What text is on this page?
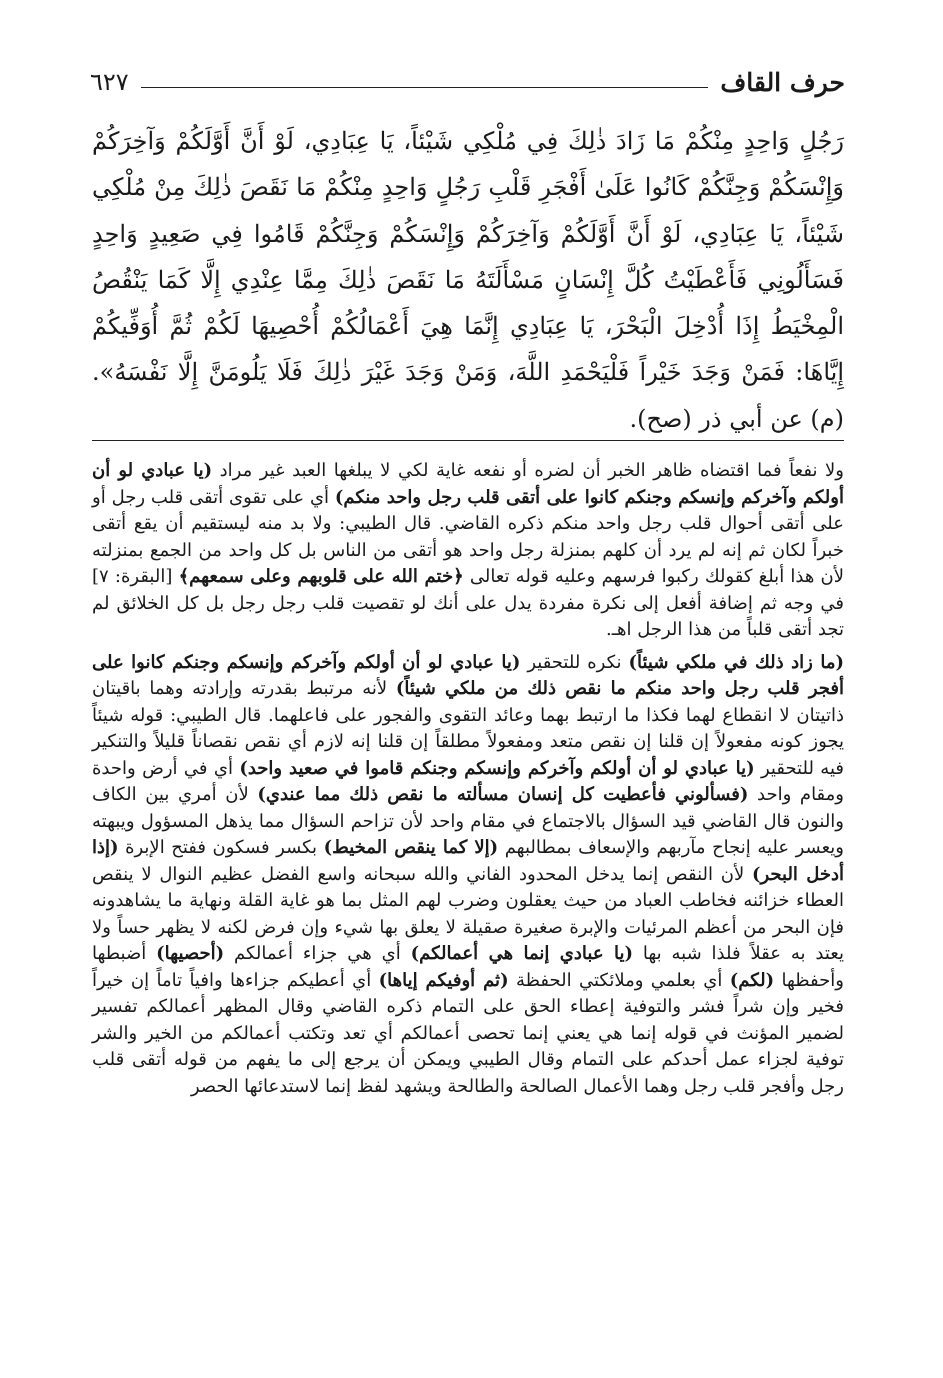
حرف القاف
٦٢٧

رَجُلٍ وَاحِدٍ مِنْكُمْ مَا زَادَ ذٰلِكَ فِي مُلْكِي شَيْئاً، يَا عِبَادِي، لَوْ أَنَّ أَوَّلَكُمْ وَآخِرَكُمْ وَإِنْسَكُمْ وَجِنَّكُمْ كَانُوا عَلَىٰ أَفْجَرِ قَلْبِ رَجُلٍ وَاحِدٍ مِنْكُمْ مَا نَقَصَ ذٰلِكَ مِنْ مُلْكِي شَيْئاً، يَا عِبَادِي، لَوْ أَنَّ أَوَّلَكُمْ وَآخِرَكُمْ وَإِنْسَكُمْ وَجِنَّكُمْ قَامُوا فِي صَعِيدٍ وَاحِدٍ فَسَأَلُونِي فَأَعْطَيْتُ كُلَّ إِنْسَانٍ مَسْأَلَتَهُ مَا نَقَصَ ذٰلِكَ مِمَّا عِنْدِي إِلَّا كَمَا يَنْقُصُ الْمِخْيَطُ إِذَا أُدْخِلَ الْبَحْرَ، يَا عِبَادِي إِنَّمَا هِيَ أَعْمَالُكُمْ أُحْصِيهَا لَكُمْ ثُمَّ أُوَفِّيكُمْ إِيَّاهَا: فَمَنْ وَجَدَ خَيْراً فَلْيَحْمَدِ اللَّهَ، وَمَنْ وَجَدَ غَيْرَ ذٰلِكَ فَلَا يَلُومَنَّ إِلَّا نَفْسَهُ». (م) عن أبي ذر (صح).

ولا نفعاً فما اقتضاه ظاهر الخبر أن لضره أو نفعه غاية لكي لا يبلغها العبد غير مراد (يا عبادي لو أن أولكم وآخركم وإنسكم وجنكم كانوا على أتقى قلب رجل واحد منكم) أي على تقوى أتقى قلب رجل أو على أتقى أحوال قلب رجل واحد منكم ذكره القاضي. قال الطيبي: ولا بد منه ليستقيم أن يقع أتقى خبراً لكان ثم إنه لم يرد أن كلهم بمنزلة رجل واحد هو أتقى من الناس بل كل واحد من الجمع بمنزلته لأن هذا أبلغ كقولك ركبوا فرسهم وعليه قوله تعالى ﴿ختم الله على قلوبهم وعلى سمعهم﴾ [البقرة: ٧] في وجه ثم إضافة أفعل إلى نكرة مفردة يدل على أنك لو تقصيت قلب رجل رجل بل كل الخلائق لم تجد أتقى قلباً من هذا الرجل اهـ.

(ما زاد ذلك في ملكي شيئاً) نكره للتحقير (يا عبادي لو أن أولكم وآخركم وإنسكم وجنكم كانوا على أفجر قلب رجل واحد منكم ما نقص ذلك من ملكي شيئاً) لأنه مرتبط بقدرته وإرادته وهما باقيتان ذاتيتان لا انقطاع لهما فكذا ما ارتبط بهما وعائد التقوى والفجور على فاعلهما. قال الطيبي: قوله شيئاً يجوز كونه مفعولاً إن قلنا إن نقص متعد ومفعولاً مطلقاً إن قلنا إنه لازم أي نقص نقصاناً قليلاً والتنكير فيه للتحقير (يا عبادي لو أن أولكم وآخركم وإنسكم وجنكم قاموا في صعيد واحد) أي في أرض واحدة ومقام واحد (فسألوني فأعطيت كل إنسان مسألته ما نقص ذلك مما عندي) لأن أمري بين الكاف والنون قال القاضي قيد السؤال بالاجتماع في مقام واحد لأن تزاحم السؤال مما يذهل المسؤول ويبهته ويعسر عليه إنجاح مآربهم والإسعاف بمطالبهم (إلا كما ينقص المخيط) بكسر فسكون ففتح الإبرة (إذا أدخل البحر) لأن النقص إنما يدخل المحدود الفاني والله سبحانه واسع الفضل عظيم النوال لا ينقص العطاء خزائنه فخاطب العباد من حيث يعقلون وضرب لهم المثل بما هو غاية القلة ونهاية ما يشاهدونه فإن البحر من أعظم المرئيات والإبرة صغيرة صقيلة لا يعلق بها شيء وإن فرض لكنه لا يظهر حساً ولا يعتد به عقلاً فلذا شبه بها (يا عبادي إنما هي أعمالكم) أي هي جزاء أعمالكم (أحصيها) أضبطها وأحفظها (لكم) أي بعلمي وملائكتي الحفظة (ثم أوفيكم إياها) أي أعطيكم جزاءها وافياً تاماً إن خيراً فخير وإن شراً فشر والتوفية إعطاء الحق على التمام ذكره القاضي وقال المظهر أعمالكم تفسير لضمير المؤنث في قوله إنما هي يعني إنما تحصى أعمالكم أي تعد وتكتب أعمالكم من الخير والشر توفية لجزاء عمل أحدكم على التمام وقال الطيبي ويمكن أن يرجع إلى ما يفهم من قوله أتقى قلب رجل وأفجر قلب رجل وهما الأعمال الصالحة والطالحة ويشهد لفظ إنما لاستدعائها الحصر
